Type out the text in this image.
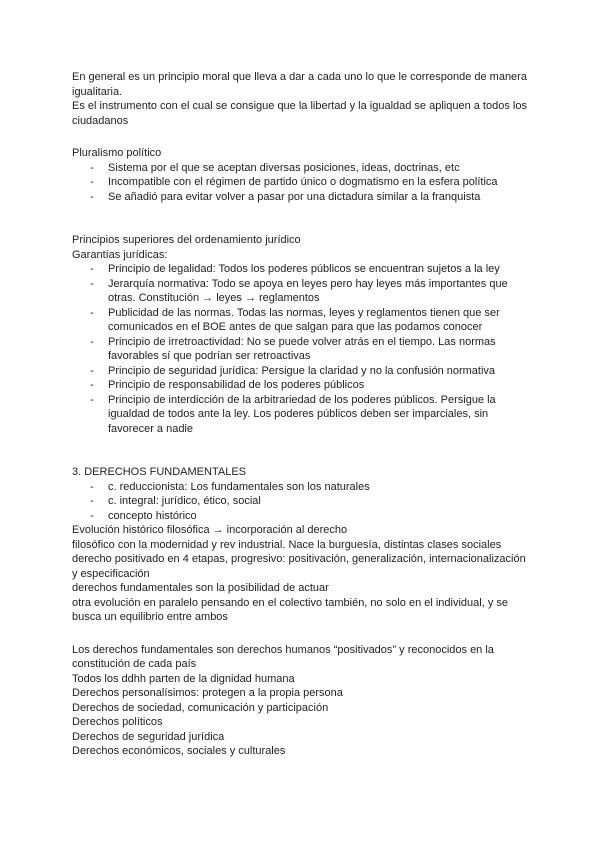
En general es un principio moral que lleva a dar a cada uno lo que le corresponde de manera igualitaria.

Es el instrumento con el cual se consigue que la libertad y la igualdad se apliquen a todos los ciudadanos

Pluralismo político

- Sistema por el que se aceptan diversas posiciones, ideas, doctrinas, etc
- Incompatible con el régimen de partido único o dogmatismo en la esfera política
- Se añadió para evitar volver a pasar por una dictadura similar a la franquista

Principios superiores del ordenamiento jurídico

Garantías jurídicas:

- Principio de legalidad: Todos los poderes públicos se encuentran sujetos a la ley
- Jerarquía normativa: Todo se apoya en leyes pero hay leyes más importantes que otras. Constitución → leyes → reglamentos
- Publicidad de las normas. Todas las normas, leyes y reglamentos tienen que ser comunicados en el BOE antes de que salgan para que las podamos conocer
- Principio de irretroactividad: No se puede volver atrás en el tiempo. Las normas favorables sí que podrían ser retroactivas
- Principio de seguridad jurídica: Persigue la claridad y no la confusión normativa
- Principio de responsabilidad de los poderes públicos
- Principio de interdicción de la arbitrariedad de los poderes públicos. Persigue la igualdad de todos ante la ley. Los poderes públicos deben ser imparciales, sin favorecer a nadie

3. DERECHOS FUNDAMENTALES

- c. reduccionista: Los fundamentales son los naturales
- c. integral: jurídico, ético, social
- concepto histórico

Evolución histórico filosófica → incorporación al derecho

filosófico con la modernidad y rev industrial. Nace la burguesía, distintas clases sociales

derecho positivado en 4 etapas, progresivo: positivación, generalización, internacionalización y especificación

derechos fundamentales son la posibilidad de actuar

otra evolución en paralelo pensando en el colectivo también, no solo en el individual, y se busca un equilibrio entre ambos

Los derechos fundamentales son derechos humanos “positivados” y reconocidos en la constitución de cada país

Todos los ddhh parten de la dignidad humana

Derechos personalísimos: protegen a la propia persona

Derechos de sociedad, comunicación y participación

Derechos políticos

Derechos de seguridad jurídica

Derechos económicos, sociales y culturales
